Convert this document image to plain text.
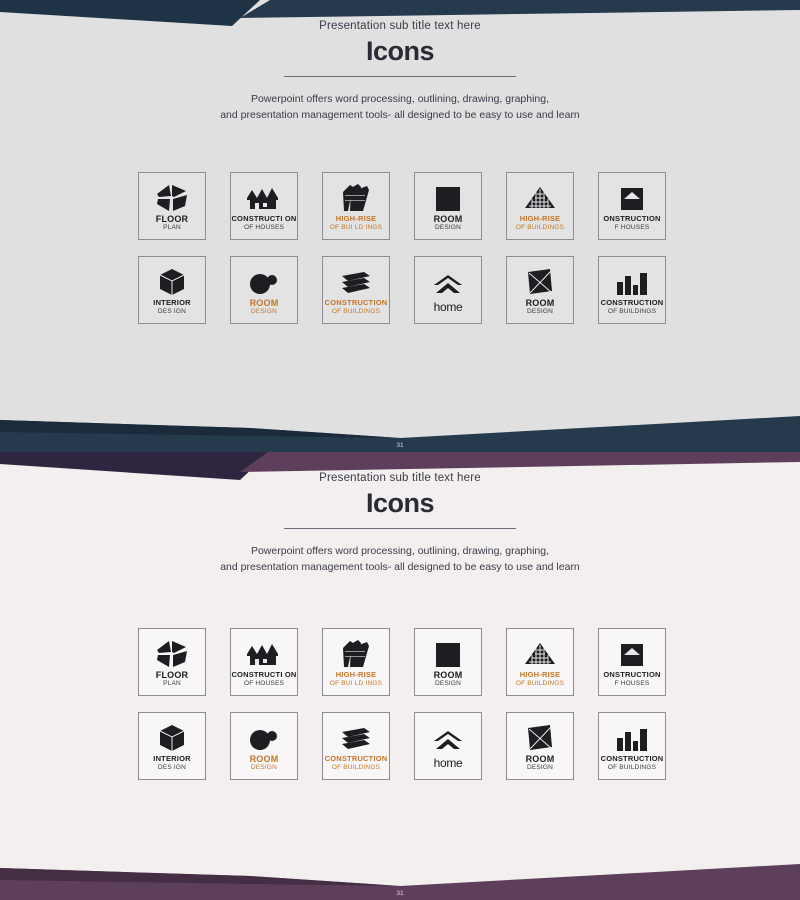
Presentation sub title text here

Icons

Powerpoint offers word processing, outlining, drawing, graphing,
and presentation management tools- all designed to be easy to use and learn

FLOOR
PLAN
CONSTRUCTI ON
OF HOUSES
HIGH-RISE
OF BUI LD INGS
ROOM
DESIGN
HIGH-RISE
OF BUILDINGS
ONSTRUCTION
F HOUSES
INTERIOR
DES IGN
ROOM
DESIGN
CONSTRUCTION
OF BUILDINGS	home	ROOM
DESIGN
CONSTRUCTION
OF BUILDINGS
31

Presentation sub title text here

Icons

Powerpoint offers word processing, outlining, drawing, graphing,
and presentation management tools- all designed to be easy to use and learn

FLOOR
PLAN
CONSTRUCTI ON
OF HOUSES
HIGH-RISE
OF BUI LD INGS
ROOM
DESIGN
HIGH-RISE
OF BUILDINGS
ONSTRUCTION
F HOUSES
INTERIOR
DES IGN
ROOM
DESIGN
CONSTRUCTION
OF BUILDINGS	home	ROOM
DESIGN
CONSTRUCTION
OF BUILDINGS
31
